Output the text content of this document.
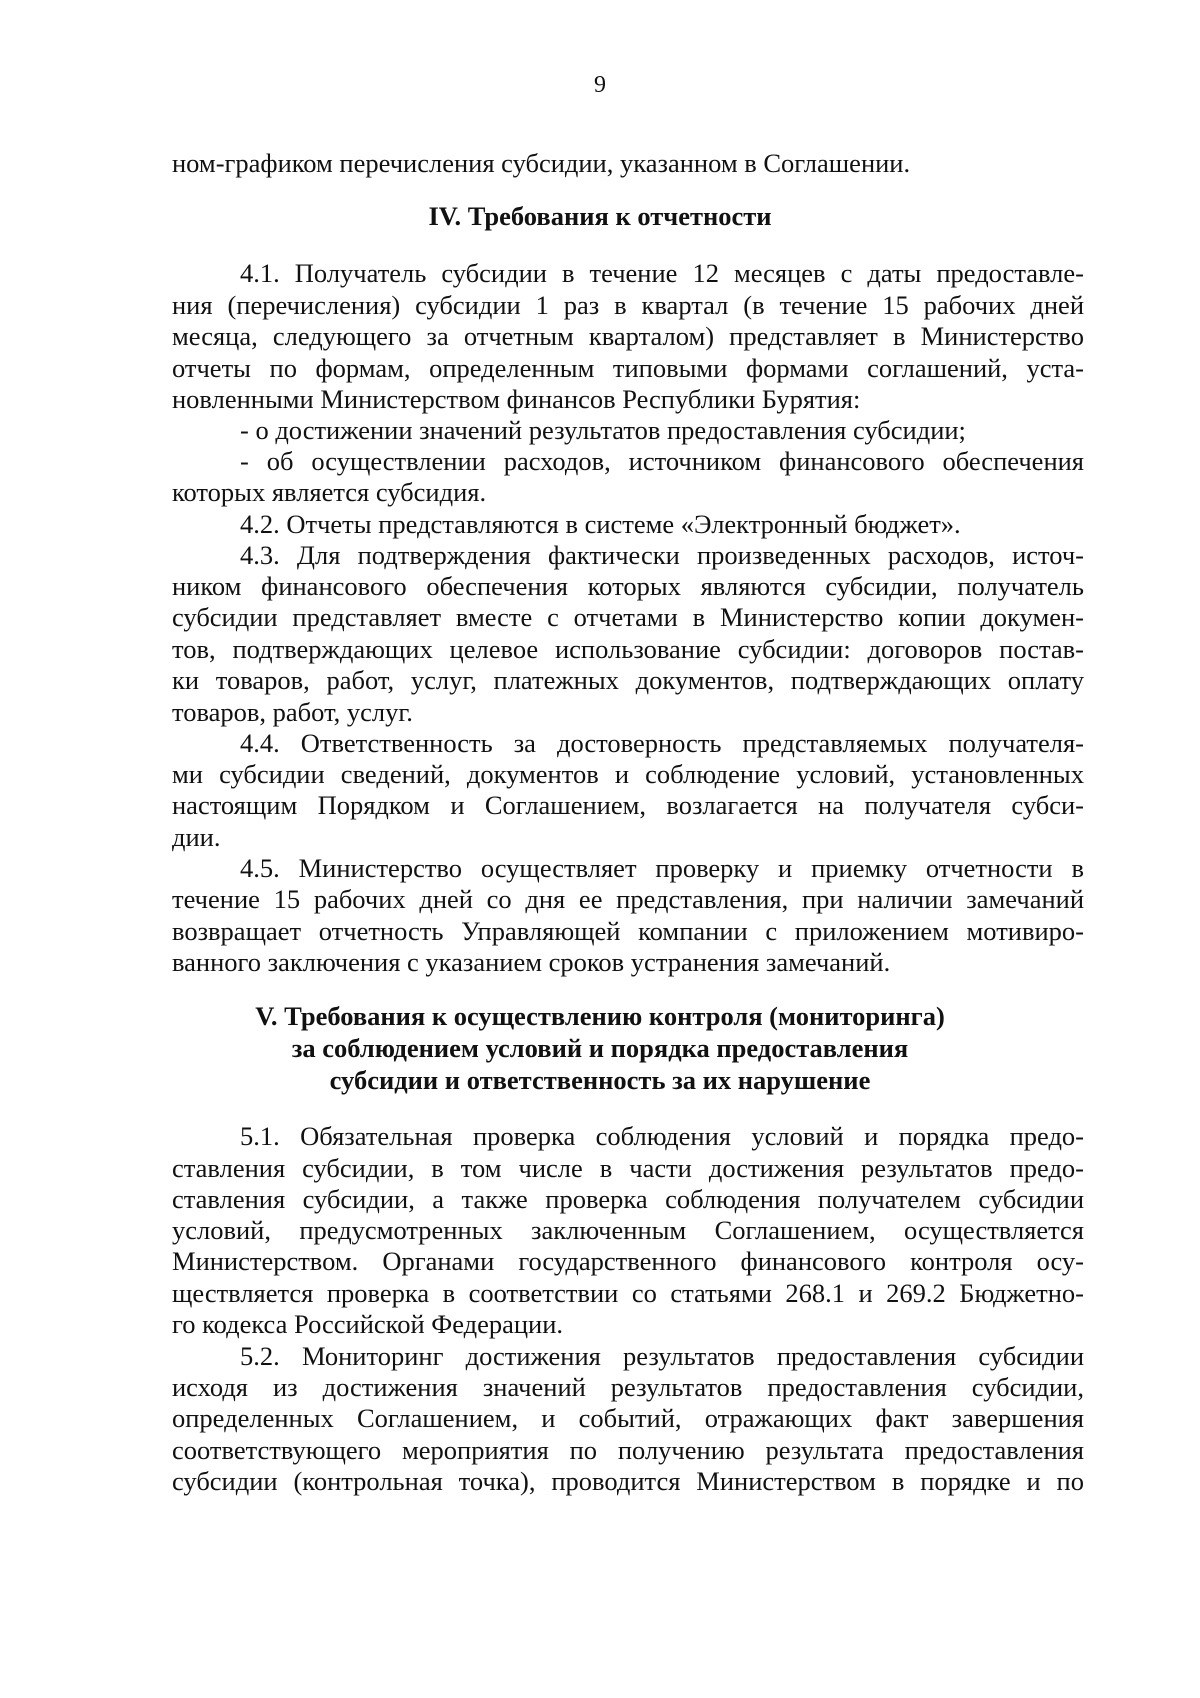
9
ном-графиком перечисления субсидии, указанном в Соглашении.
IV. Требования к отчетности
4.1. Получатель субсидии в течение 12 месяцев с даты предоставле-
ния (перечисления) субсидии 1 раз в квартал (в течение 15 рабочих дней
месяца, следующего за отчетным кварталом) представляет в Министерство
отчеты по формам, определенным типовыми формами соглашений, уста-
новленными Министерством финансов Республики Бурятия:
- о достижении значений результатов предоставления субсидии;
- об осуществлении расходов, источником финансового обеспечения
которых является субсидия.
4.2. Отчеты представляются в системе «Электронный бюджет».
4.3. Для подтверждения фактически произведенных расходов, источ-
ником финансового обеспечения которых являются субсидии, получатель
субсидии представляет вместе с отчетами в Министерство копии докумен-
тов, подтверждающих целевое использование субсидии: договоров постав-
ки товаров, работ, услуг, платежных документов, подтверждающих оплату
товаров, работ, услуг.
4.4. Ответственность за достоверность представляемых получателя-
ми субсидии сведений, документов и соблюдение условий, установленных
настоящим Порядком и Соглашением, возлагается на получателя субси-
дии.
4.5. Министерство осуществляет проверку и приемку отчетности в
течение 15 рабочих дней со дня ее представления, при наличии замечаний
возвращает отчетность Управляющей компании с приложением мотивиро-
ванного заключения с указанием сроков устранения замечаний.
V. Требования к осуществлению контроля (мониторинга)
за соблюдением условий и порядка предоставления
субсидии и ответственность за их нарушение
5.1. Обязательная проверка соблюдения условий и порядка предо-
ставления субсидии, в том числе в части достижения результатов предо-
ставления субсидии, а также проверка соблюдения получателем субсидии
условий, предусмотренных заключенным Соглашением, осуществляется
Министерством. Органами государственного финансового контроля осу-
ществляется проверка в соответствии со статьями 268.1 и 269.2 Бюджетно-
го кодекса Российской Федерации.
5.2. Мониторинг достижения результатов предоставления субсидии
исходя из достижения значений результатов предоставления субсидии,
определенных Соглашением, и событий, отражающих факт завершения
соответствующего мероприятия по получению результата предоставления
субсидии (контрольная точка), проводится Министерством в порядке и по
